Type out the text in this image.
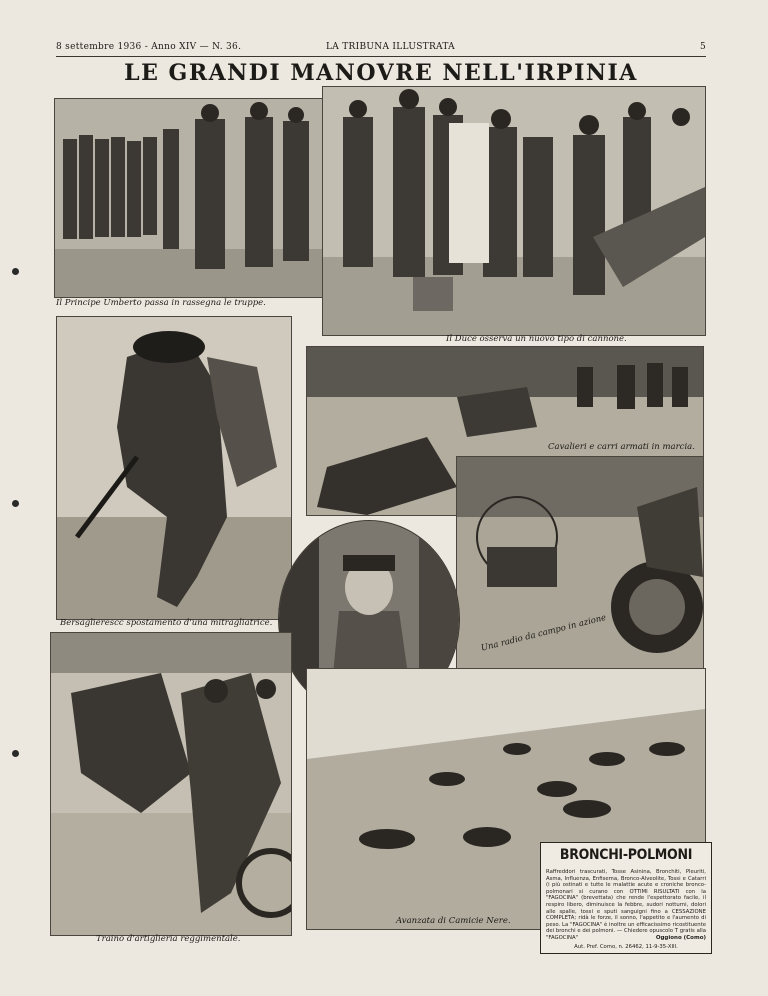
8 settembre 1936 - Anno XIV — N. 36.	LA TRIBUNA ILLUSTRATA	5
LE GRANDI MANOVRE NELL'IRPINIA
Il Principe Umberto passa in rassegna le truppe.
Il Duce osserva un nuovo tipo di cannone.
Bersaglierescc spostamento d'una mitragliatrice.
Cavalieri e carri armati in marcia.
Una radio da campo in azione
Traino d'artiglieria reggimentale.
Avanzata di Camicie Nere.
BRONCHI-POLMONI
Raffreddori trascurati, Tosse Asinina, Bronchiti, Pleuriti, Asma, Influenza, Enfisema, Bronco-Alveolite, Tossi e Catarri (i più ostinati e tutte le malattie acute e croniche bronco-polmonari si curano con OTTIMI RISULTATI con la "FAGOCINA" (brevettata) che rende l'espettorato facile, il respiro libero, diminuisce la febbre, sudori notturni, dolori alle spalle, tossi e sputi sanguigni fino a CESSAZIONE COMPLETA; ridà le forze, il sonno, l'appetito e l'aumento di peso. La "FAGOCINA" è inoltre un efficacissimo ricostituente dei bronchi e dei polmoni. — Chiedere opuscolo T gratis alla "FAGOCINA"	Oggiono (Como)
Aut. Pref. Como, n. 26462, 11-9-35-XIII.
